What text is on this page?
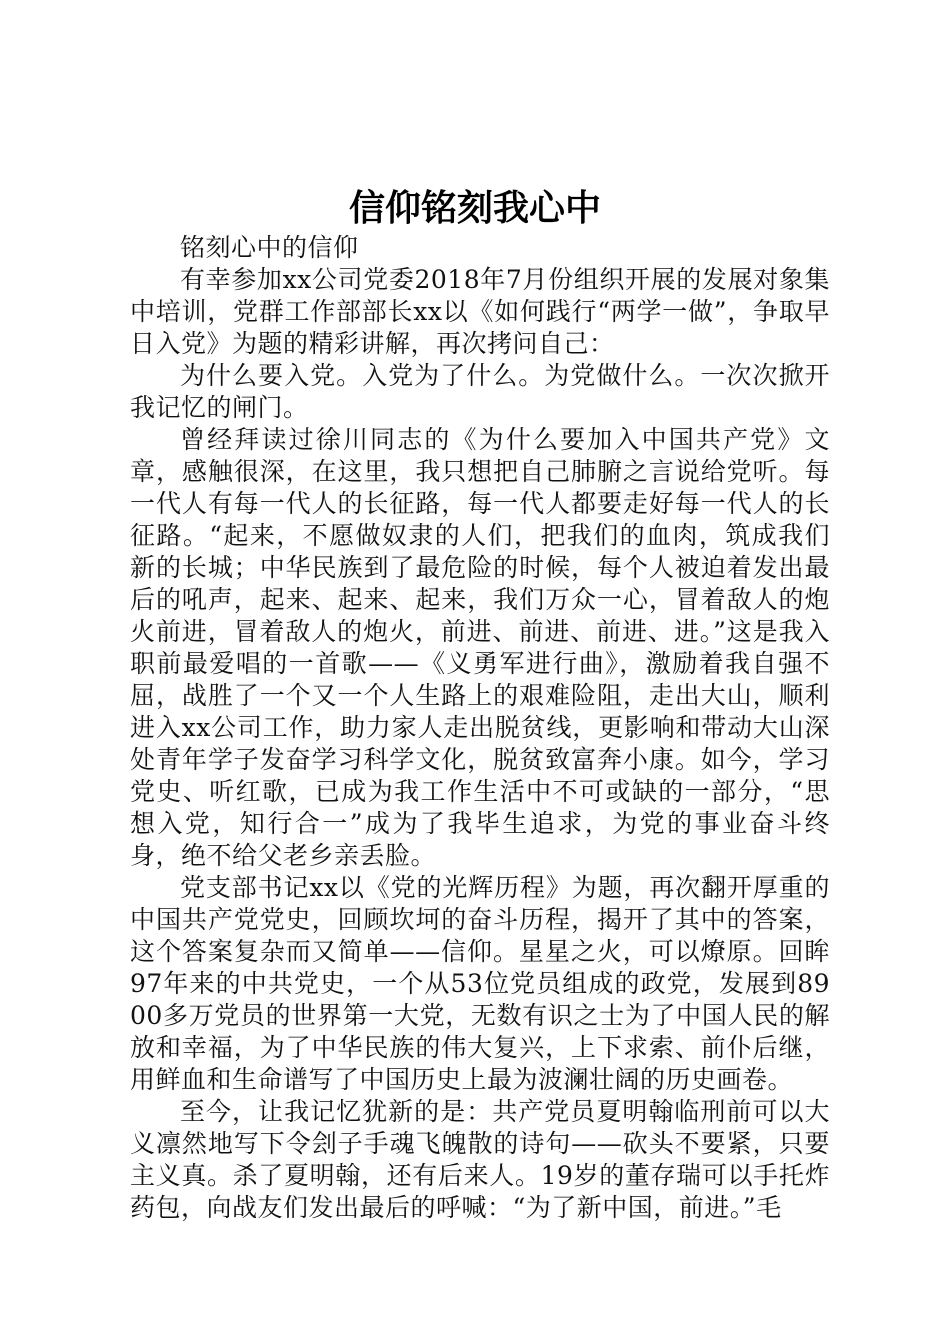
信仰铭刻我心中

铭刻心中的信仰

有幸参加xx公司党委2018年7月份组织开展的发展对象集中培训，党群工作部部长xx以《如何践行“两学一做”，争取早日入党》为题的精彩讲解，再次拷问自己：

为什么要入党。入党为了什么。为党做什么。一次次掀开我记忆的闸门。

曾经拜读过徐川同志的《为什么要加入中国共产党》文章，感触很深，在这里，我只想把自己肺腑之言说给党听。每一代人有每一代人的长征路，每一代人都要走好每一代人的长征路。“起来，不愿做奴隶的人们，把我们的血肉，筑成我们新的长城；中华民族到了最危险的时候，每个人被迫着发出最后的吼声，起来、起来、起来，我们万众一心，冒着敌人的炮火前进，冒着敌人的炮火，前进、前进、前进、进。”这是我入职前最爱唱的一首歌——《义勇军进行曲》，激励着我自强不屈，战胜了一个又一个人生路上的艰难险阻，走出大山，顺利进入xx公司工作，助力家人走出脱贫线，更影响和带动大山深处青年学子发奋学习科学文化，脱贫致富奔小康。如今，学习党史、听红歌，已成为我工作生活中不可或缺的一部分，“思想入党，知行合一”成为了我毕生追求，为党的事业奋斗终身，绝不给父老乡亲丢脸。

党支部书记xx以《党的光辉历程》为题，再次翻开厚重的中国共产党党史，回顾坎坷的奋斗历程，揭开了其中的答案，这个答案复杂而又简单——信仰。星星之火，可以燎原。回眸97年来的中共党史，一个从53位党员组成的政党，发展到8900多万党员的世界第一大党，无数有识之士为了中国人民的解放和幸福，为了中华民族的伟大复兴，上下求索、前仆后继，用鲜血和生命谱写了中国历史上最为波澜壮阔的历史画卷。

至今，让我记忆犹新的是：共产党员夏明翰临刑前可以大义凛然地写下令刽子手魂飞魄散的诗句——砍头不要紧，只要主义真。杀了夏明翰，还有后来人。19岁的董存瑞可以手托炸药包，向战友们发出最后的呼喊：“为了新中国，前进。”毛
